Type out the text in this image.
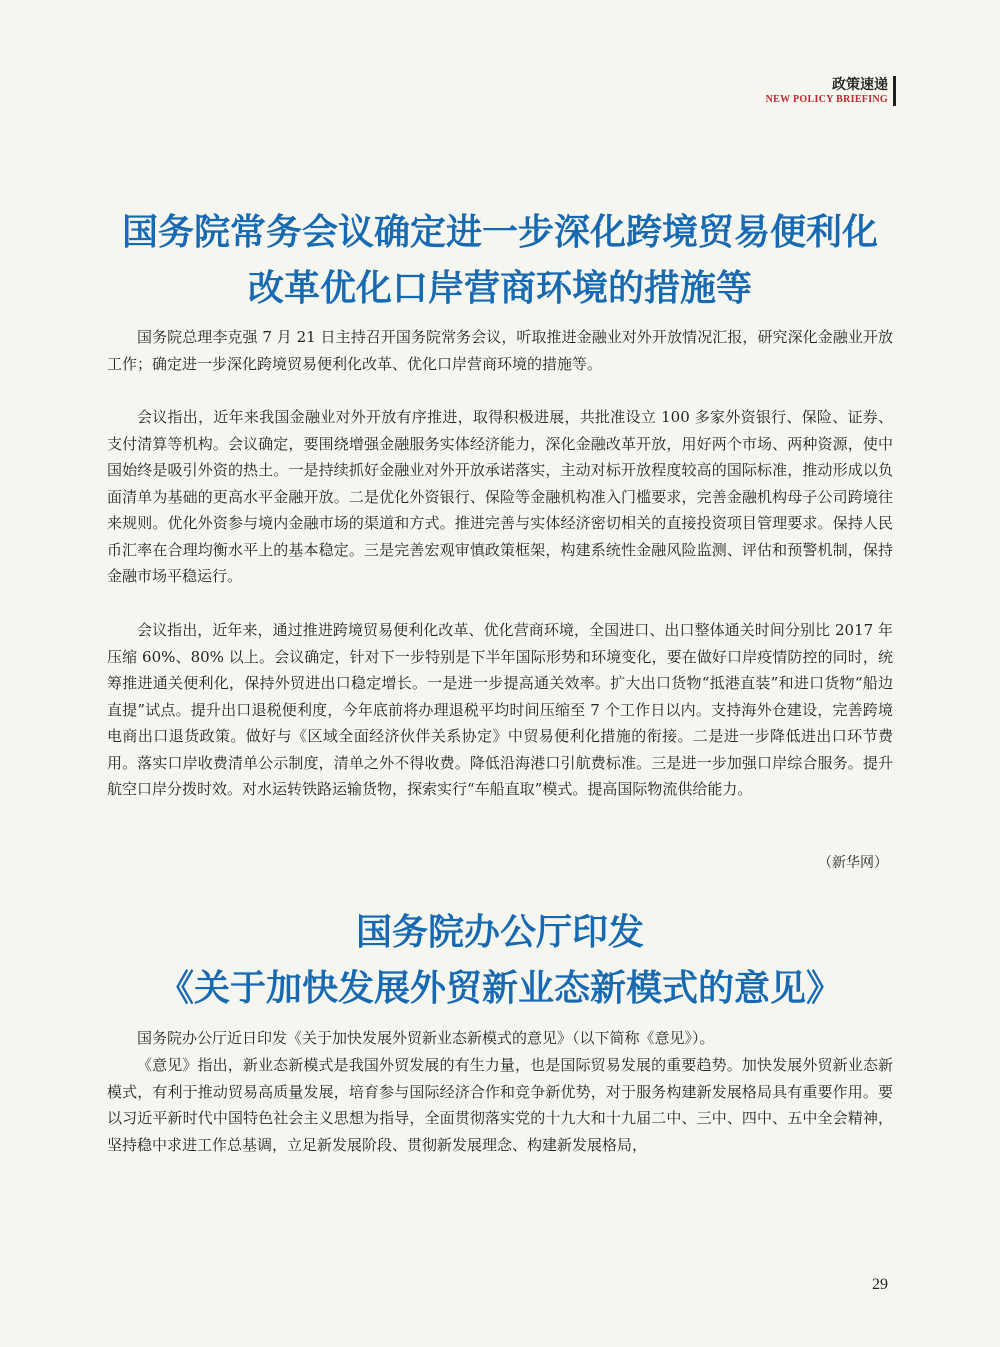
政策速递
NEW POLICY BRIEFING
国务院常务会议确定进一步深化跨境贸易便利化
改革优化口岸营商环境的措施等

国务院总理李克强 7 月 21 日主持召开国务院常务会议，听取推进金融业对外开放情况汇报，研究深化金融业开放工作；确定进一步深化跨境贸易便利化改革、优化口岸营商环境的措施等。

会议指出，近年来我国金融业对外开放有序推进，取得积极进展，共批准设立 100 多家外资银行、保险、证券、支付清算等机构。会议确定，要围绕增强金融服务实体经济能力，深化金融改革开放，用好两个市场、两种资源，使中国始终是吸引外资的热土。一是持续抓好金融业对外开放承诺落实，主动对标开放程度较高的国际标准，推动形成以负面清单为基础的更高水平金融开放。二是优化外资银行、保险等金融机构准入门槛要求，完善金融机构母子公司跨境往来规则。优化外资参与境内金融市场的渠道和方式。推进完善与实体经济密切相关的直接投资项目管理要求。保持人民币汇率在合理均衡水平上的基本稳定。三是完善宏观审慎政策框架，构建系统性金融风险监测、评估和预警机制，保持金融市场平稳运行。

会议指出，近年来，通过推进跨境贸易便利化改革、优化营商环境，全国进口、出口整体通关时间分别比 2017 年压缩 60%、80% 以上。会议确定，针对下一步特别是下半年国际形势和环境变化，要在做好口岸疫情防控的同时，统筹推进通关便利化，保持外贸进出口稳定增长。一是进一步提高通关效率。扩大出口货物“抵港直装”和进口货物“船边直提”试点。提升出口退税便利度，今年底前将办理退税平均时间压缩至 7 个工作日以内。支持海外仓建设，完善跨境电商出口退货政策。做好与《区域全面经济伙伴关系协定》中贸易便利化措施的衔接。二是进一步降低进出口环节费用。落实口岸收费清单公示制度，清单之外不得收费。降低沿海港口引航费标准。三是进一步加强口岸综合服务。提升航空口岸分拨时效。对水运转铁路运输货物，探索实行“车船直取”模式。提高国际物流供给能力。

（新华网）
国务院办公厅印发
《关于加快发展外贸新业态新模式的意见》

国务院办公厅近日印发《关于加快发展外贸新业态新模式的意见》（以下简称《意见》）。

《意见》指出，新业态新模式是我国外贸发展的有生力量，也是国际贸易发展的重要趋势。加快发展外贸新业态新模式，有利于推动贸易高质量发展，培育参与国际经济合作和竞争新优势，对于服务构建新发展格局具有重要作用。要以习近平新时代中国特色社会主义思想为指导，全面贯彻落实党的十九大和十九届二中、三中、四中、五中全会精神，坚持稳中求进工作总基调，立足新发展阶段、贯彻新发展理念、构建新发展格局，

29
